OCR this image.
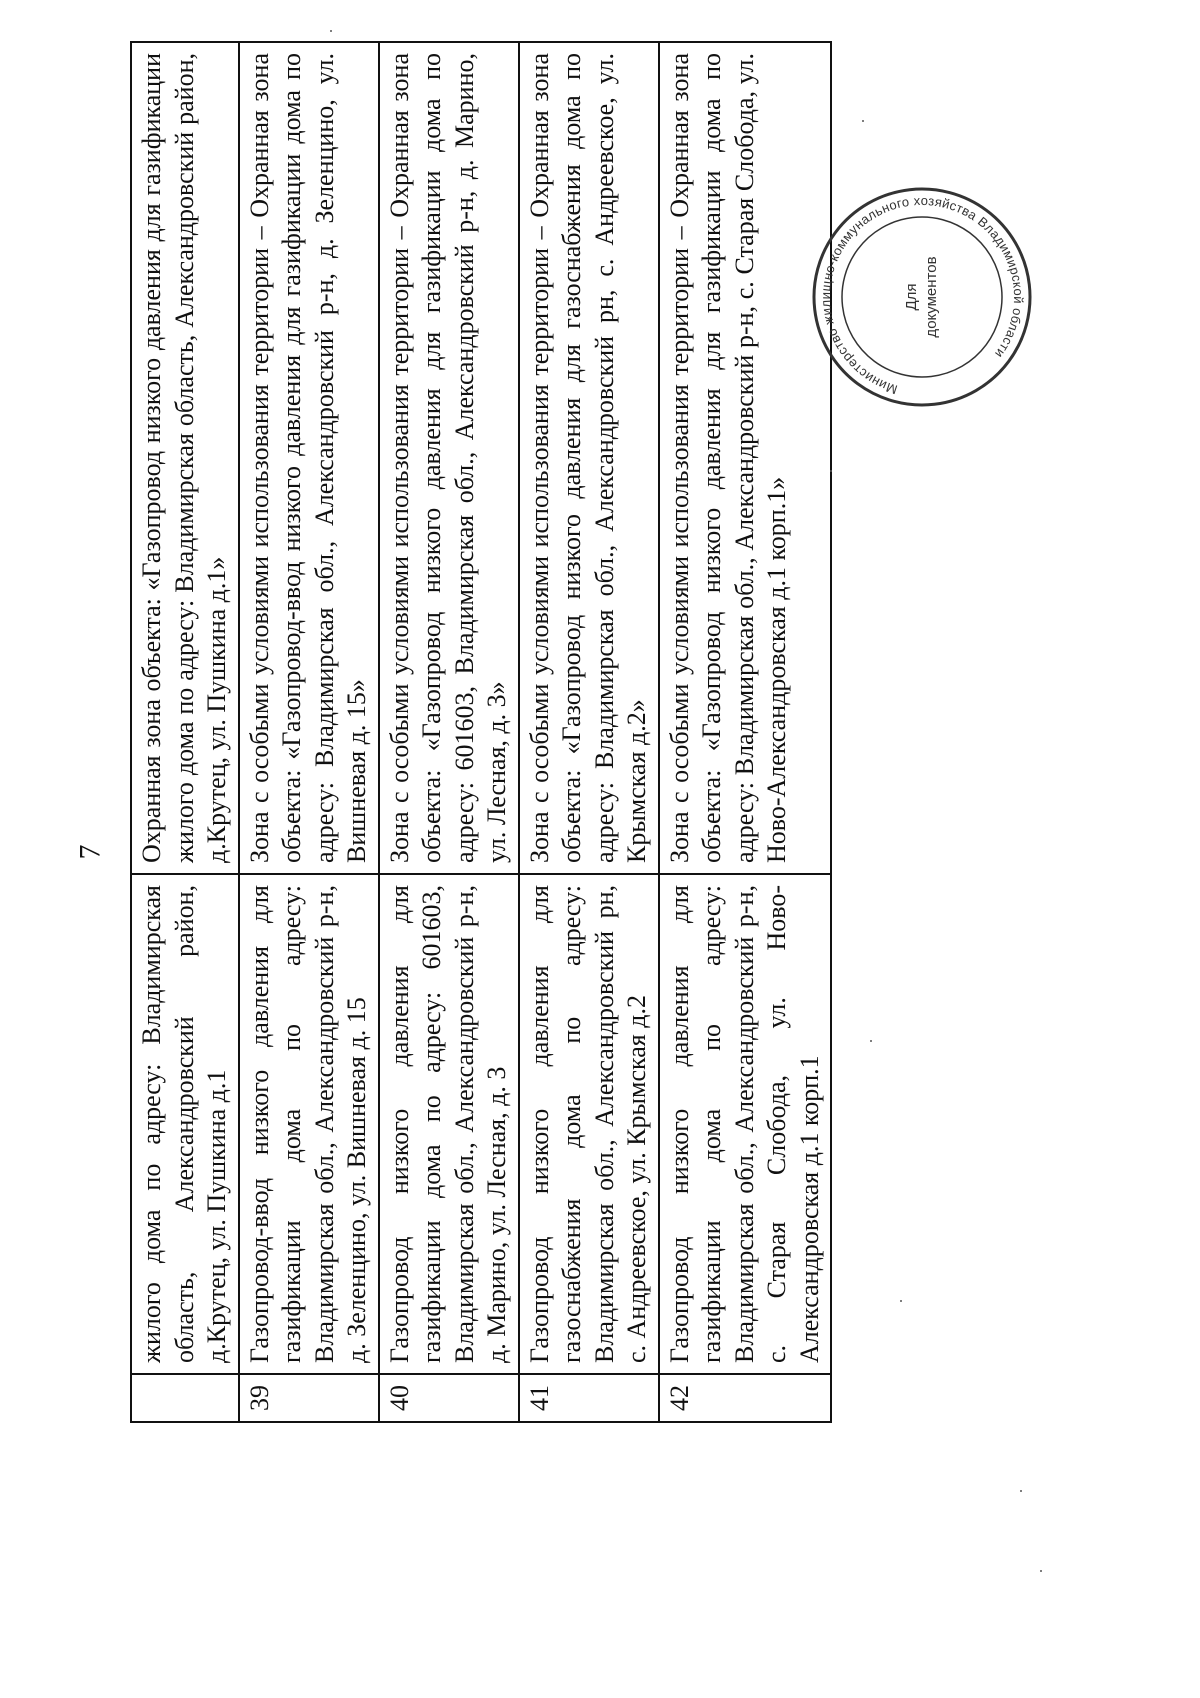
7
	жилого дома по адресу: Владимирская область, Александровский район, д.Крутец, ул. Пушкина д.1	Охранная зона объекта: «Газопровод низкого давления для газификации жилого дома по адресу: Владимирская область, Александровский район, д.Крутец, ул. Пушкина д.1»
39	Газопровод-ввод низкого давления для газификации дома по адресу: Владимирская обл., Александровский р-н, д. Зеленцино, ул. Вишневая д. 15	Зона с особыми условиями использования территории – Охранная зона объекта: «Газопровод-ввод низкого давления для газификации дома по адресу: Владимирская обл., Александровский р-н, д. Зеленцино, ул. Вишневая д. 15»
40	Газопровод низкого давления для газификации дома по адресу: 601603, Владимирская обл., Александровский р-н, д. Марино, ул. Лесная, д. 3	Зона с особыми условиями использования территории – Охранная зона объекта: «Газопровод низкого давления для газификации дома по адресу: 601603, Владимирская обл., Александровский р-н, д. Марино, ул. Лесная, д. 3»
41	Газопровод низкого давления для газоснабжения дома по адресу: Владимирская обл., Александровский рн, с. Андреевское, ул. Крымская д.2	Зона с особыми условиями использования территории – Охранная зона объекта: «Газопровод низкого давления для газоснабжения дома по адресу: Владимирская обл., Александровский рн, с. Андреевское, ул. Крымская д.2»
42	Газопровод низкого давления для газификации дома по адресу: Владимирская обл., Александровский р-н, с. Старая Слобода, ул. Ново-Александровская д.1 корп.1	Зона с особыми условиями использования территории – Охранная зона объекта: «Газопровод низкого давления для газификации дома по адресу: Владимирская обл., Александровский р-н, с. Старая Слобода, ул. Ново-Александровская д.1 корп.1»
Министерство жилищно-коммунального хозяйства Владимирской области
Для документов
